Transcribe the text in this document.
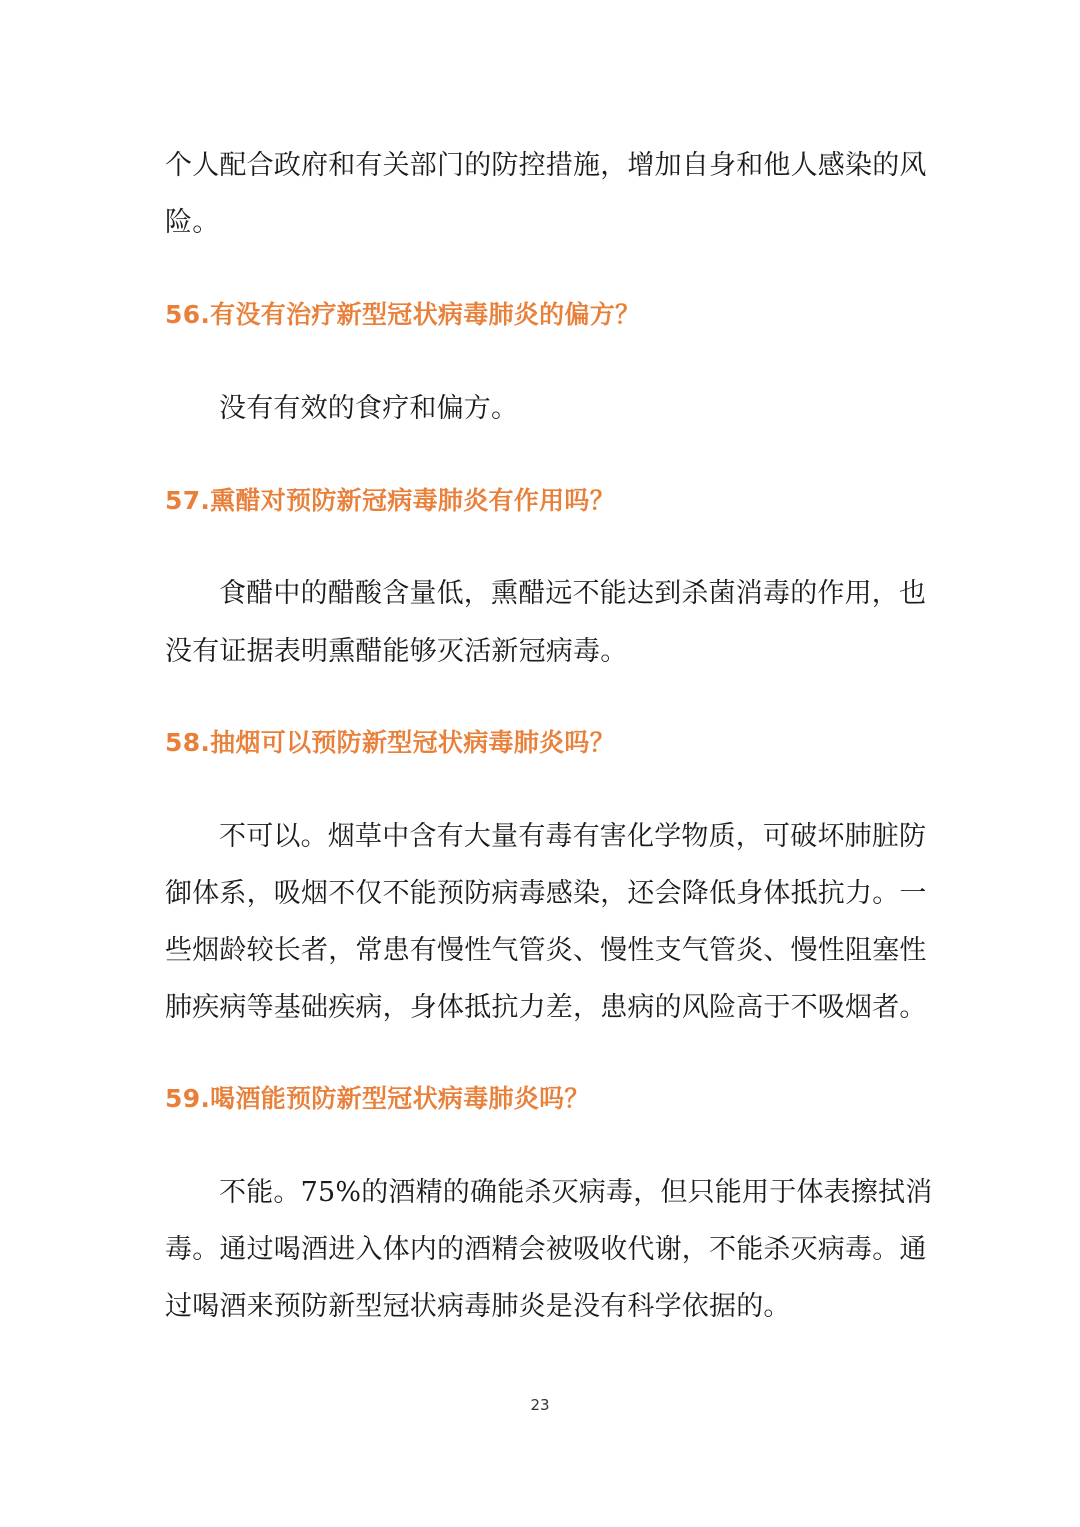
个人配合政府和有关部门的防控措施，增加自身和他人感染的风
险。
56.有没有治疗新型冠状病毒肺炎的偏方？
没有有效的食疗和偏方。
57.熏醋对预防新冠病毒肺炎有作用吗？
食醋中的醋酸含量低，熏醋远不能达到杀菌消毒的作用，也
没有证据表明熏醋能够灭活新冠病毒。
58.抽烟可以预防新型冠状病毒肺炎吗？
不可以。烟草中含有大量有毒有害化学物质，可破坏肺脏防
御体系，吸烟不仅不能预防病毒感染，还会降低身体抵抗力。一
些烟龄较长者，常患有慢性气管炎、慢性支气管炎、慢性阻塞性
肺疾病等基础疾病，身体抵抗力差，患病的风险高于不吸烟者。
59.喝酒能预防新型冠状病毒肺炎吗？
不能。75%的酒精的确能杀灭病毒，但只能用于体表擦拭消
毒。通过喝酒进入体内的酒精会被吸收代谢，不能杀灭病毒。通
过喝酒来预防新型冠状病毒肺炎是没有科学依据的。
23
